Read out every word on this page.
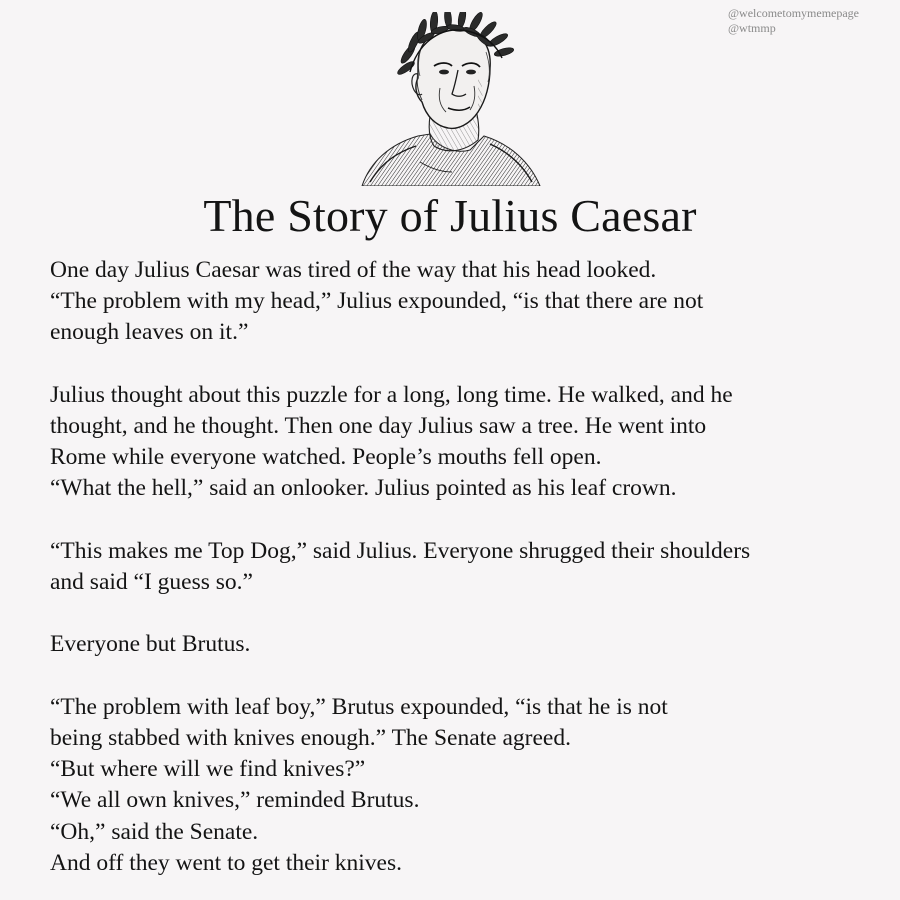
@welcometomymemepage
@wtmmp
The Story of Julius Caesar

One day Julius Caesar was tired of the way that his head looked.
“The problem with my head,” Julius expounded, “is that there are not
enough leaves on it.”

Julius thought about this puzzle for a long, long time. He walked, and he
thought, and he thought. Then one day Julius saw a tree. He went into
Rome while everyone watched. People’s mouths fell open.
“What the hell,” said an onlooker. Julius pointed as his leaf crown.

“This makes me Top Dog,” said Julius. Everyone shrugged their shoulders
and said “I guess so.”

Everyone but Brutus.

“The problem with leaf boy,” Brutus expounded, “is that he is not
being stabbed with knives enough.” The Senate agreed.
“But where will we find knives?”
“We all own knives,” reminded Brutus.
“Oh,” said the Senate.
And off they went to get their knives.
